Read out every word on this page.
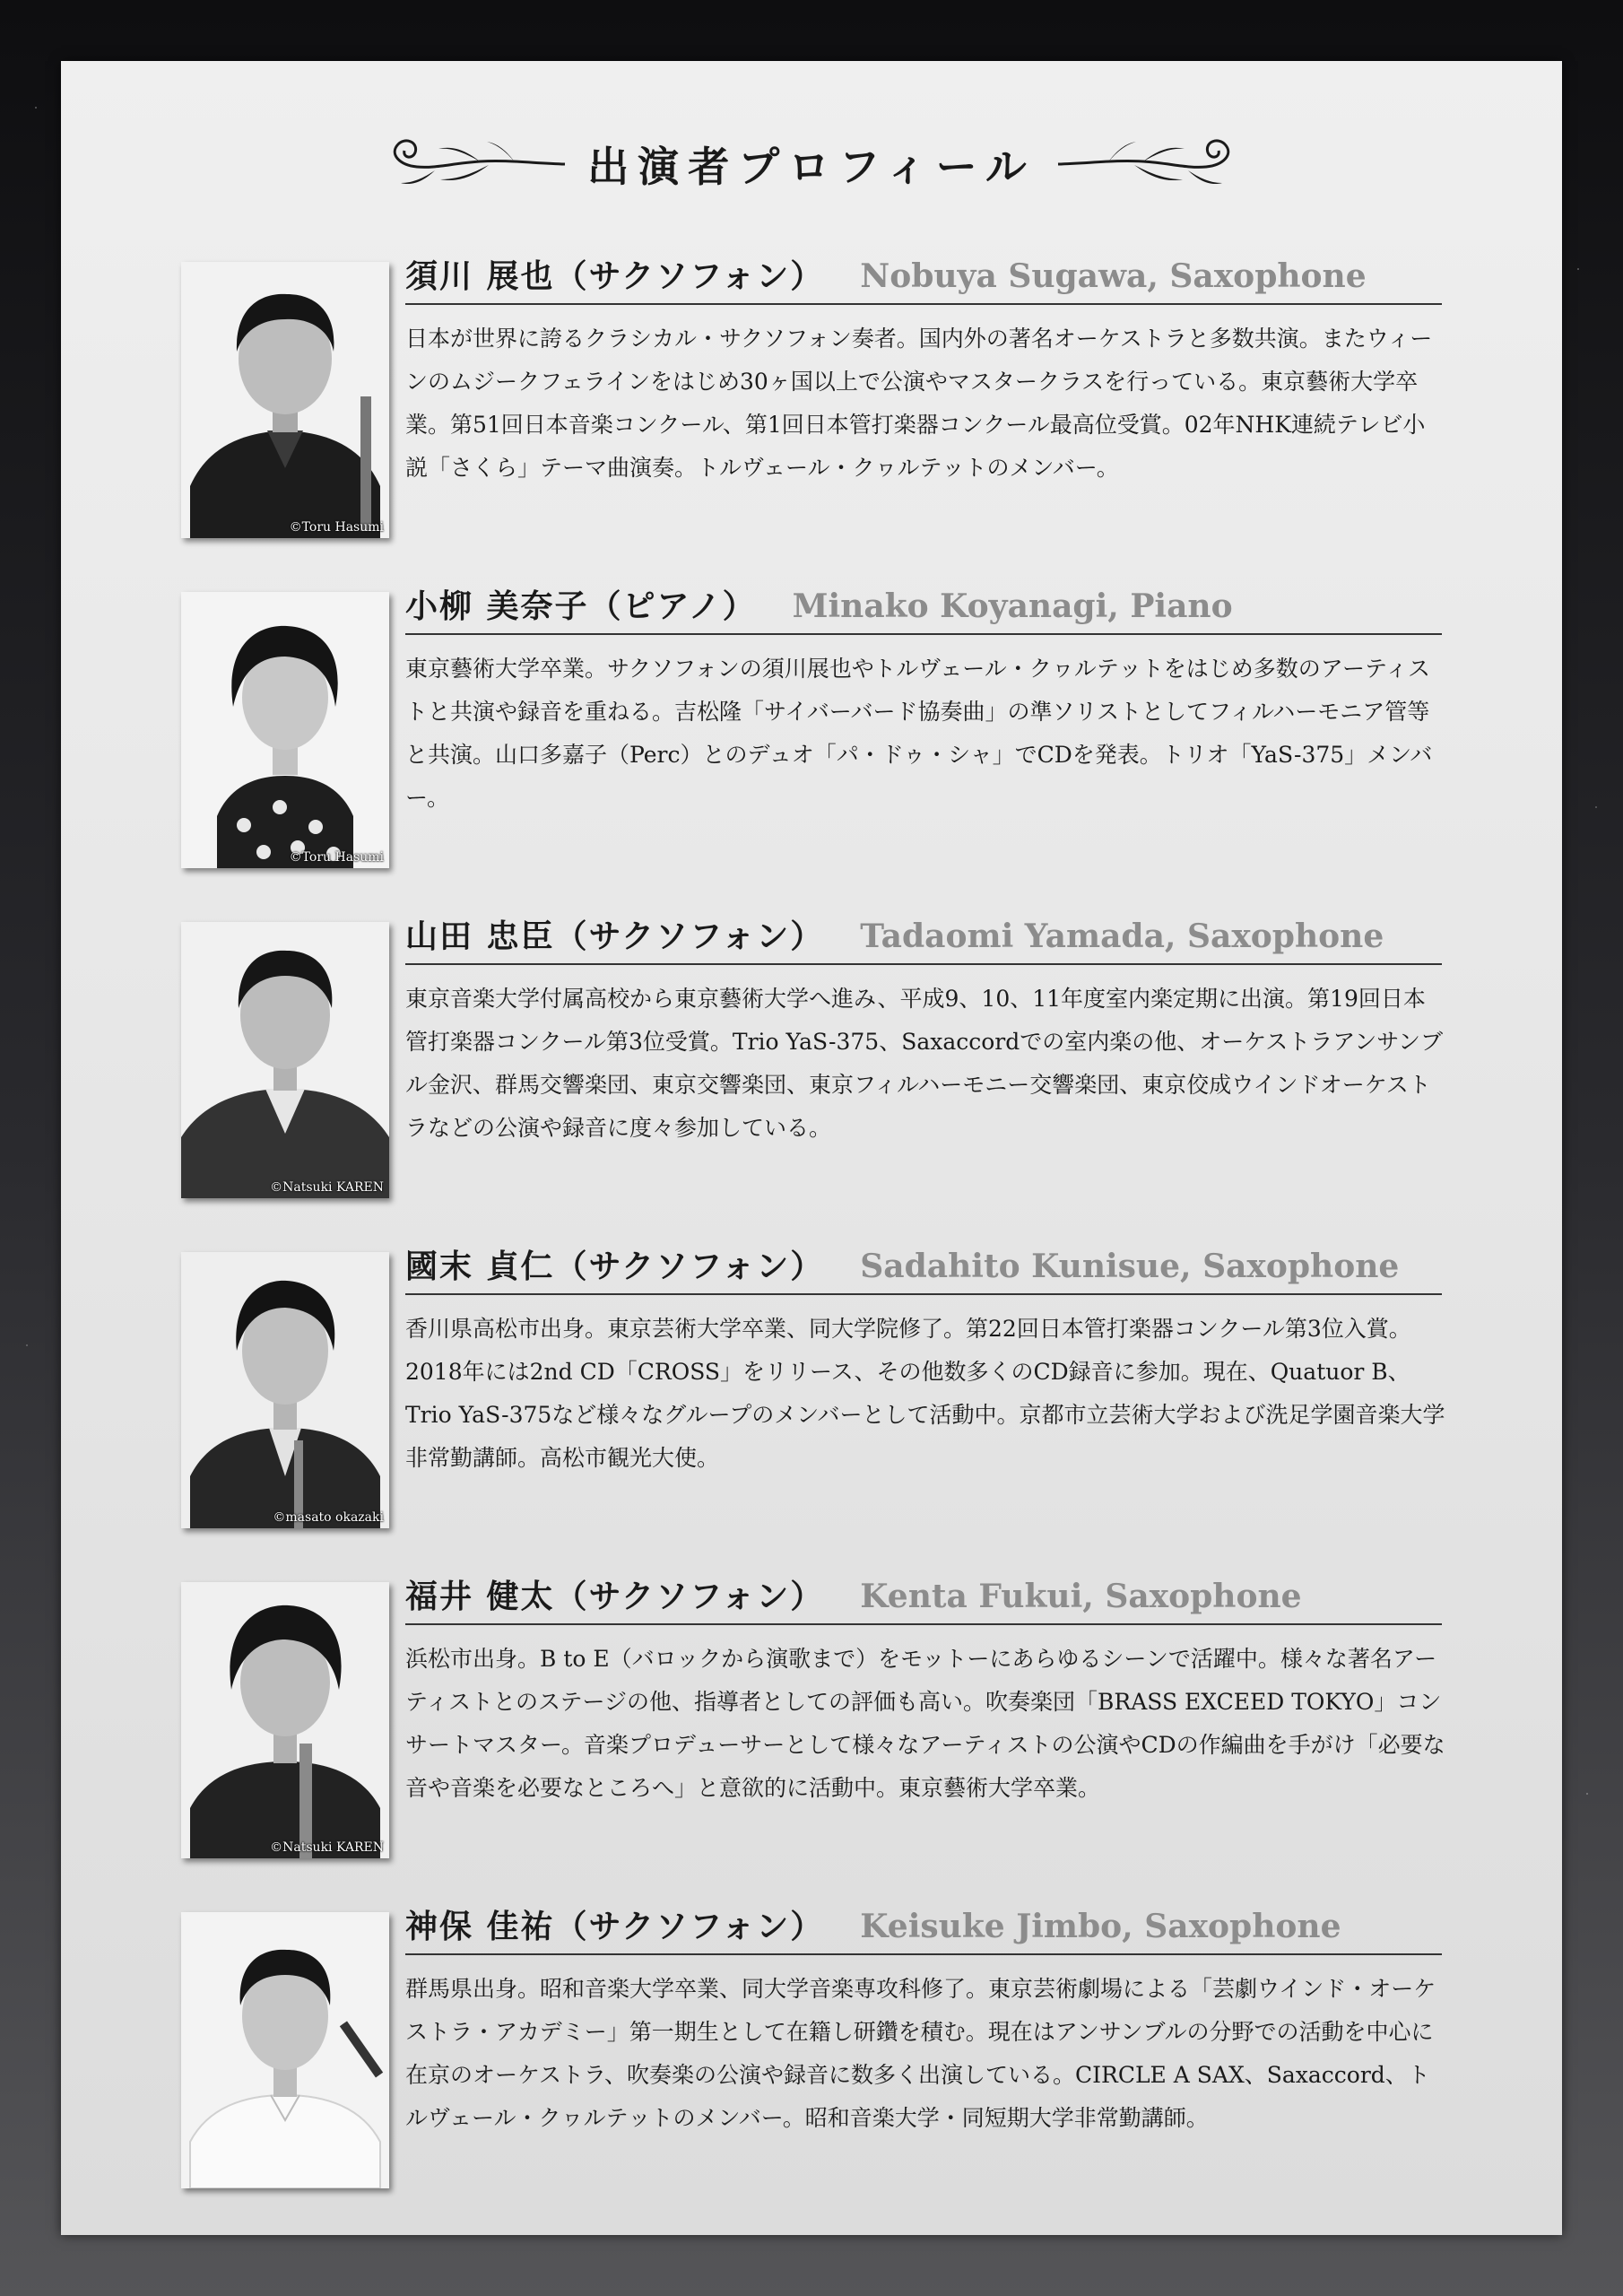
出演者プロフィール
©Toru Hasumi
須川 展也（サクソフォン） Nobuya Sugawa, Saxophone

日本が世界に誇るクラシカル・サクソフォン奏者。国内外の著名オーケストラと多数共演。またウィーンのムジークフェラインをはじめ30ヶ国以上で公演やマスタークラスを行っている。東京藝術大学卒業。第51回日本音楽コンクール、第1回日本管打楽器コンクール最高位受賞。02年NHK連続テレビ小説「さくら」テーマ曲演奏。トルヴェール・クヮルテットのメンバー。

©Toru Hasumi
小柳 美奈子（ピアノ） Minako Koyanagi, Piano

東京藝術大学卒業。サクソフォンの須川展也やトルヴェール・クヮルテットをはじめ多数のアーティストと共演や録音を重ねる。吉松隆「サイバーバード協奏曲」の準ソリストとしてフィルハーモニア管等と共演。山口多嘉子（Perc）とのデュオ「パ・ドゥ・シャ」でCDを発表。トリオ「YaS-375」メンバー。

©Natsuki KAREN
山田 忠臣（サクソフォン） Tadaomi Yamada, Saxophone

東京音楽大学付属高校から東京藝術大学へ進み、平成9、10、11年度室内楽定期に出演。第19回日本管打楽器コンクール第3位受賞。Trio YaS-375、Saxaccordでの室内楽の他、オーケストラアンサンブル金沢、群馬交響楽団、東京交響楽団、東京フィルハーモニー交響楽団、東京佼成ウインドオーケストラなどの公演や録音に度々参加している。

©masato okazaki
國末 貞仁（サクソフォン） Sadahito Kunisue, Saxophone

香川県高松市出身。東京芸術大学卒業、同大学院修了。第22回日本管打楽器コンクール第3位入賞。2018年には2nd CD「CROSS」をリリース、その他数多くのCD録音に参加。現在、Quatuor B、Trio YaS-375など様々なグループのメンバーとして活動中。京都市立芸術大学および洗足学園音楽大学非常勤講師。高松市観光大使。

©Natsuki KAREN
福井 健太（サクソフォン） Kenta Fukui, Saxophone

浜松市出身。B to E（バロックから演歌まで）をモットーにあらゆるシーンで活躍中。様々な著名アーティストとのステージの他、指導者としての評価も高い。吹奏楽団「BRASS EXCEED TOKYO」コンサートマスター。音楽プロデューサーとして様々なアーティストの公演やCDの作編曲を手がけ「必要な音や音楽を必要なところへ」と意欲的に活動中。東京藝術大学卒業。

神保 佳祐（サクソフォン） Keisuke Jimbo, Saxophone

群馬県出身。昭和音楽大学卒業、同大学音楽専攻科修了。東京芸術劇場による「芸劇ウインド・オーケストラ・アカデミー」第一期生として在籍し研鑽を積む。現在はアンサンブルの分野での活動を中心に在京のオーケストラ、吹奏楽の公演や録音に数多く出演している。CIRCLE A SAX、Saxaccord、トルヴェール・クヮルテットのメンバー。昭和音楽大学・同短期大学非常勤講師。
